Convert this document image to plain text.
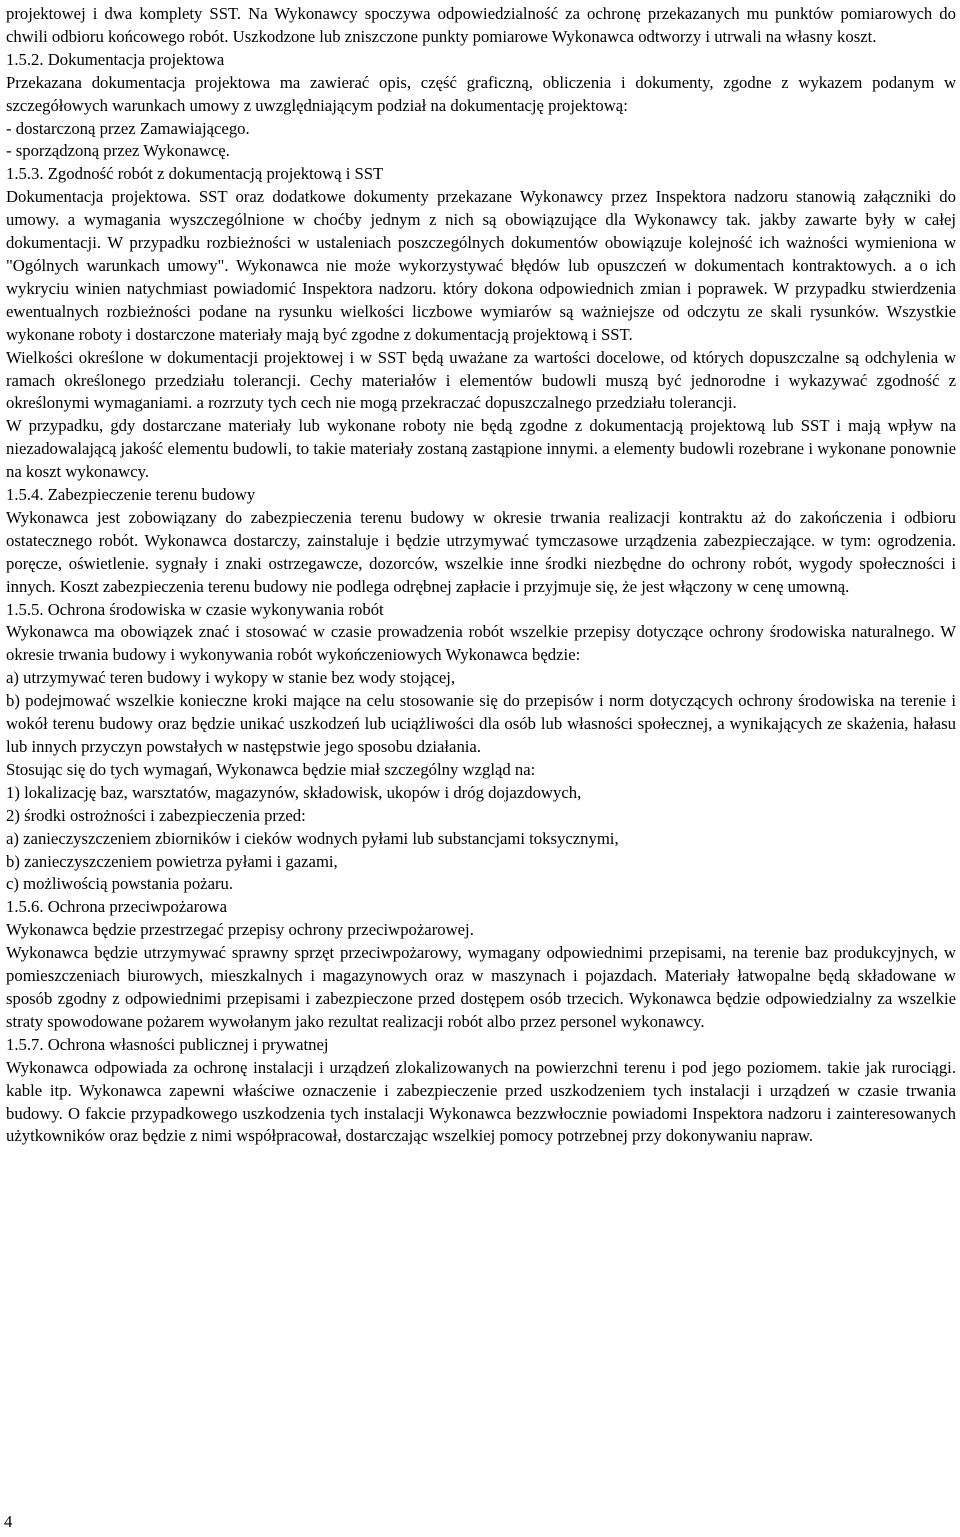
projektowej i dwa komplety SST. Na Wykonawcy spoczywa odpowiedzialność za ochronę przekazanych mu punktów pomiarowych do chwili odbioru końcowego robót. Uszkodzone lub zniszczone punkty pomiarowe Wykonawca odtworzy i utrwali na własny koszt.
1.5.2. Dokumentacja projektowa
Przekazana dokumentacja projektowa ma zawierać opis, część graficzną, obliczenia i dokumenty, zgodne z wykazem podanym w szczegółowych warunkach umowy z uwzględniającym podział na dokumentację projektową:
- dostarczoną przez Zamawiającego.
- sporządzoną przez Wykonawcę.
1.5.3. Zgodność robót z dokumentacją projektową i SST
Dokumentacja projektowa. SST oraz dodatkowe dokumenty przekazane Wykonawcy przez Inspektora nadzoru stanowią załączniki do umowy. a wymagania wyszczególnione w choćby jednym z nich są obowiązujące dla Wykonawcy tak. jakby zawarte były w całej dokumentacji. W przypadku rozbieżności w ustaleniach poszczególnych dokumentów obowiązuje kolejność ich ważności wymieniona w "Ogólnych warunkach umowy". Wykonawca nie może wykorzystywać błędów lub opuszczeń w dokumentach kontraktowych. a o ich wykryciu winien natychmiast powiadomić Inspektora nadzoru. który dokona odpowiednich zmian i poprawek. W przypadku stwierdzenia ewentualnych rozbieżności podane na rysunku wielkości liczbowe wymiarów są ważniejsze od odczytu ze skali rysunków. Wszystkie wykonane roboty i dostarczone materiały mają być zgodne z dokumentacją projektową i SST.
Wielkości określone w dokumentacji projektowej i w SST będą uważane za wartości docelowe, od których dopuszczalne są odchylenia w ramach określonego przedziału tolerancji. Cechy materiałów i elementów budowli muszą być jednorodne i wykazywać zgodność z określonymi wymaganiami. a rozrzuty tych cech nie mogą przekraczać dopuszczalnego przedziału tolerancji.
W przypadku, gdy dostarczane materiały lub wykonane roboty nie będą zgodne z dokumentacją projektową lub SST i mają wpływ na niezadowalającą jakość elementu budowli, to takie materiały zostaną zastąpione innymi. a elementy budowli rozebrane i wykonane ponownie na koszt wykonawcy.
1.5.4. Zabezpieczenie terenu budowy
Wykonawca jest zobowiązany do zabezpieczenia terenu budowy w okresie trwania realizacji kontraktu aż do zakończenia i odbioru ostatecznego robót. Wykonawca dostarczy, zainstaluje i będzie utrzymywać tymczasowe urządzenia zabezpieczające. w tym: ogrodzenia. poręcze, oświetlenie. sygnały i znaki ostrzegawcze, dozorców, wszelkie inne środki niezbędne do ochrony robót, wygody społeczności i innych. Koszt zabezpieczenia terenu budowy nie podlega odrębnej zapłacie i przyjmuje się, że jest włączony w cenę umowną.
1.5.5. Ochrona środowiska w czasie wykonywania robót
Wykonawca ma obowiązek znać i stosować w czasie prowadzenia robót wszelkie przepisy dotyczące ochrony środowiska naturalnego. W okresie trwania budowy i wykonywania robót wykończeniowych Wykonawca będzie:
a) utrzymywać teren budowy i wykopy w stanie bez wody stojącej,
b) podejmować wszelkie konieczne kroki mające na celu stosowanie się do przepisów i norm dotyczących ochrony środowiska na terenie i wokół terenu budowy oraz będzie unikać uszkodzeń lub uciążliwości dla osób lub własności społecznej, a wynikających ze skażenia, hałasu lub innych przyczyn powstałych w następstwie jego sposobu działania.
Stosując się do tych wymagań, Wykonawca będzie miał szczególny wzgląd na:
1) lokalizację baz, warsztatów, magazynów, składowisk, ukopów i dróg dojazdowych,
2) środki ostrożności i zabezpieczenia przed:
a) zanieczyszczeniem zbiorników i cieków wodnych pyłami lub substancjami toksycznymi,
b) zanieczyszczeniem powietrza pyłami i gazami,
c) możliwością powstania pożaru.
1.5.6. Ochrona przeciwpożarowa
Wykonawca będzie przestrzegać przepisy ochrony przeciwpożarowej.
Wykonawca będzie utrzymywać sprawny sprzęt przeciwpożarowy, wymagany odpowiednimi przepisami, na terenie baz produkcyjnych, w pomieszczeniach biurowych, mieszkalnych i magazynowych oraz w maszynach i pojazdach. Materiały łatwopalne będą składowane w sposób zgodny z odpowiednimi przepisami i zabezpieczone przed dostępem osób trzecich. Wykonawca będzie odpowiedzialny za wszelkie straty spowodowane pożarem wywołanym jako rezultat realizacji robót albo przez personel wykonawcy.
1.5.7. Ochrona własności publicznej i prywatnej
Wykonawca odpowiada za ochronę instalacji i urządzeń zlokalizowanych na powierzchni terenu i pod jego poziomem. takie jak rurociągi. kable itp. Wykonawca zapewni właściwe oznaczenie i zabezpieczenie przed uszkodzeniem tych instalacji i urządzeń w czasie trwania budowy. O fakcie przypadkowego uszkodzenia tych instalacji Wykonawca bezzwłocznie powiadomi Inspektora nadzoru i zainteresowanych użytkowników oraz będzie z nimi współpracował, dostarczając wszelkiej pomocy potrzebnej przy dokonywaniu napraw.
4
